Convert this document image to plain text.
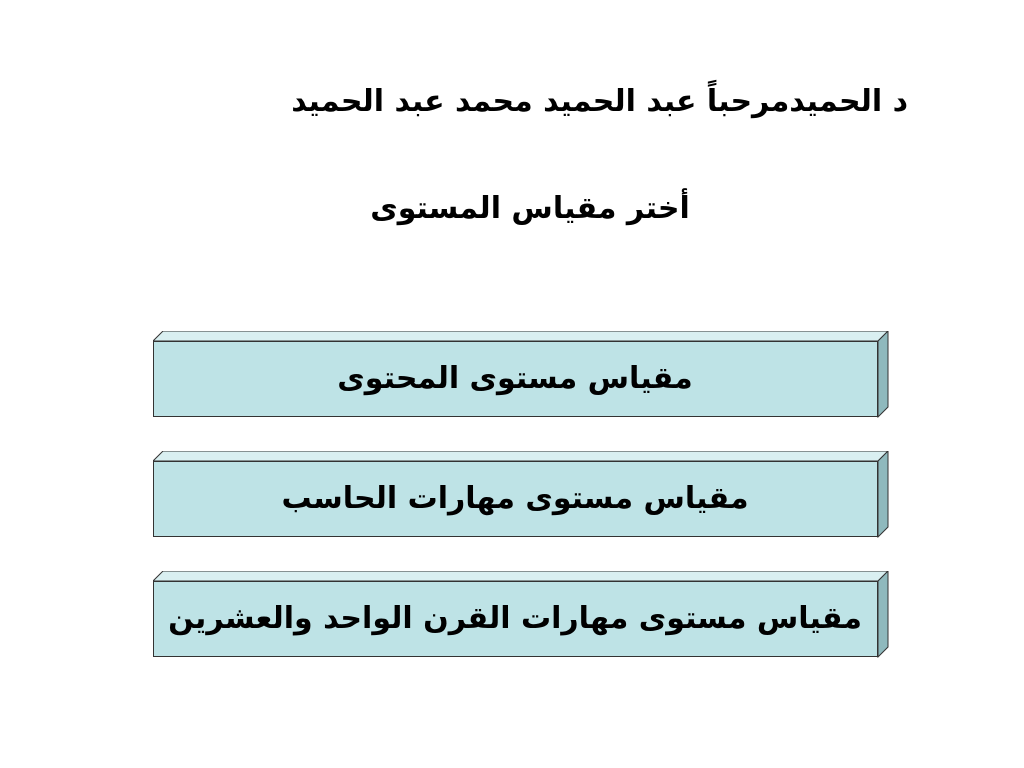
د الحميدمرحباً عبد الحميد محمد عبد الحميد
أختر مقياس المستوى
مقياس مستوى المحتوى
مقياس مستوى مهارات الحاسب
مقياس مستوى مهارات القرن الواحد والعشرين
